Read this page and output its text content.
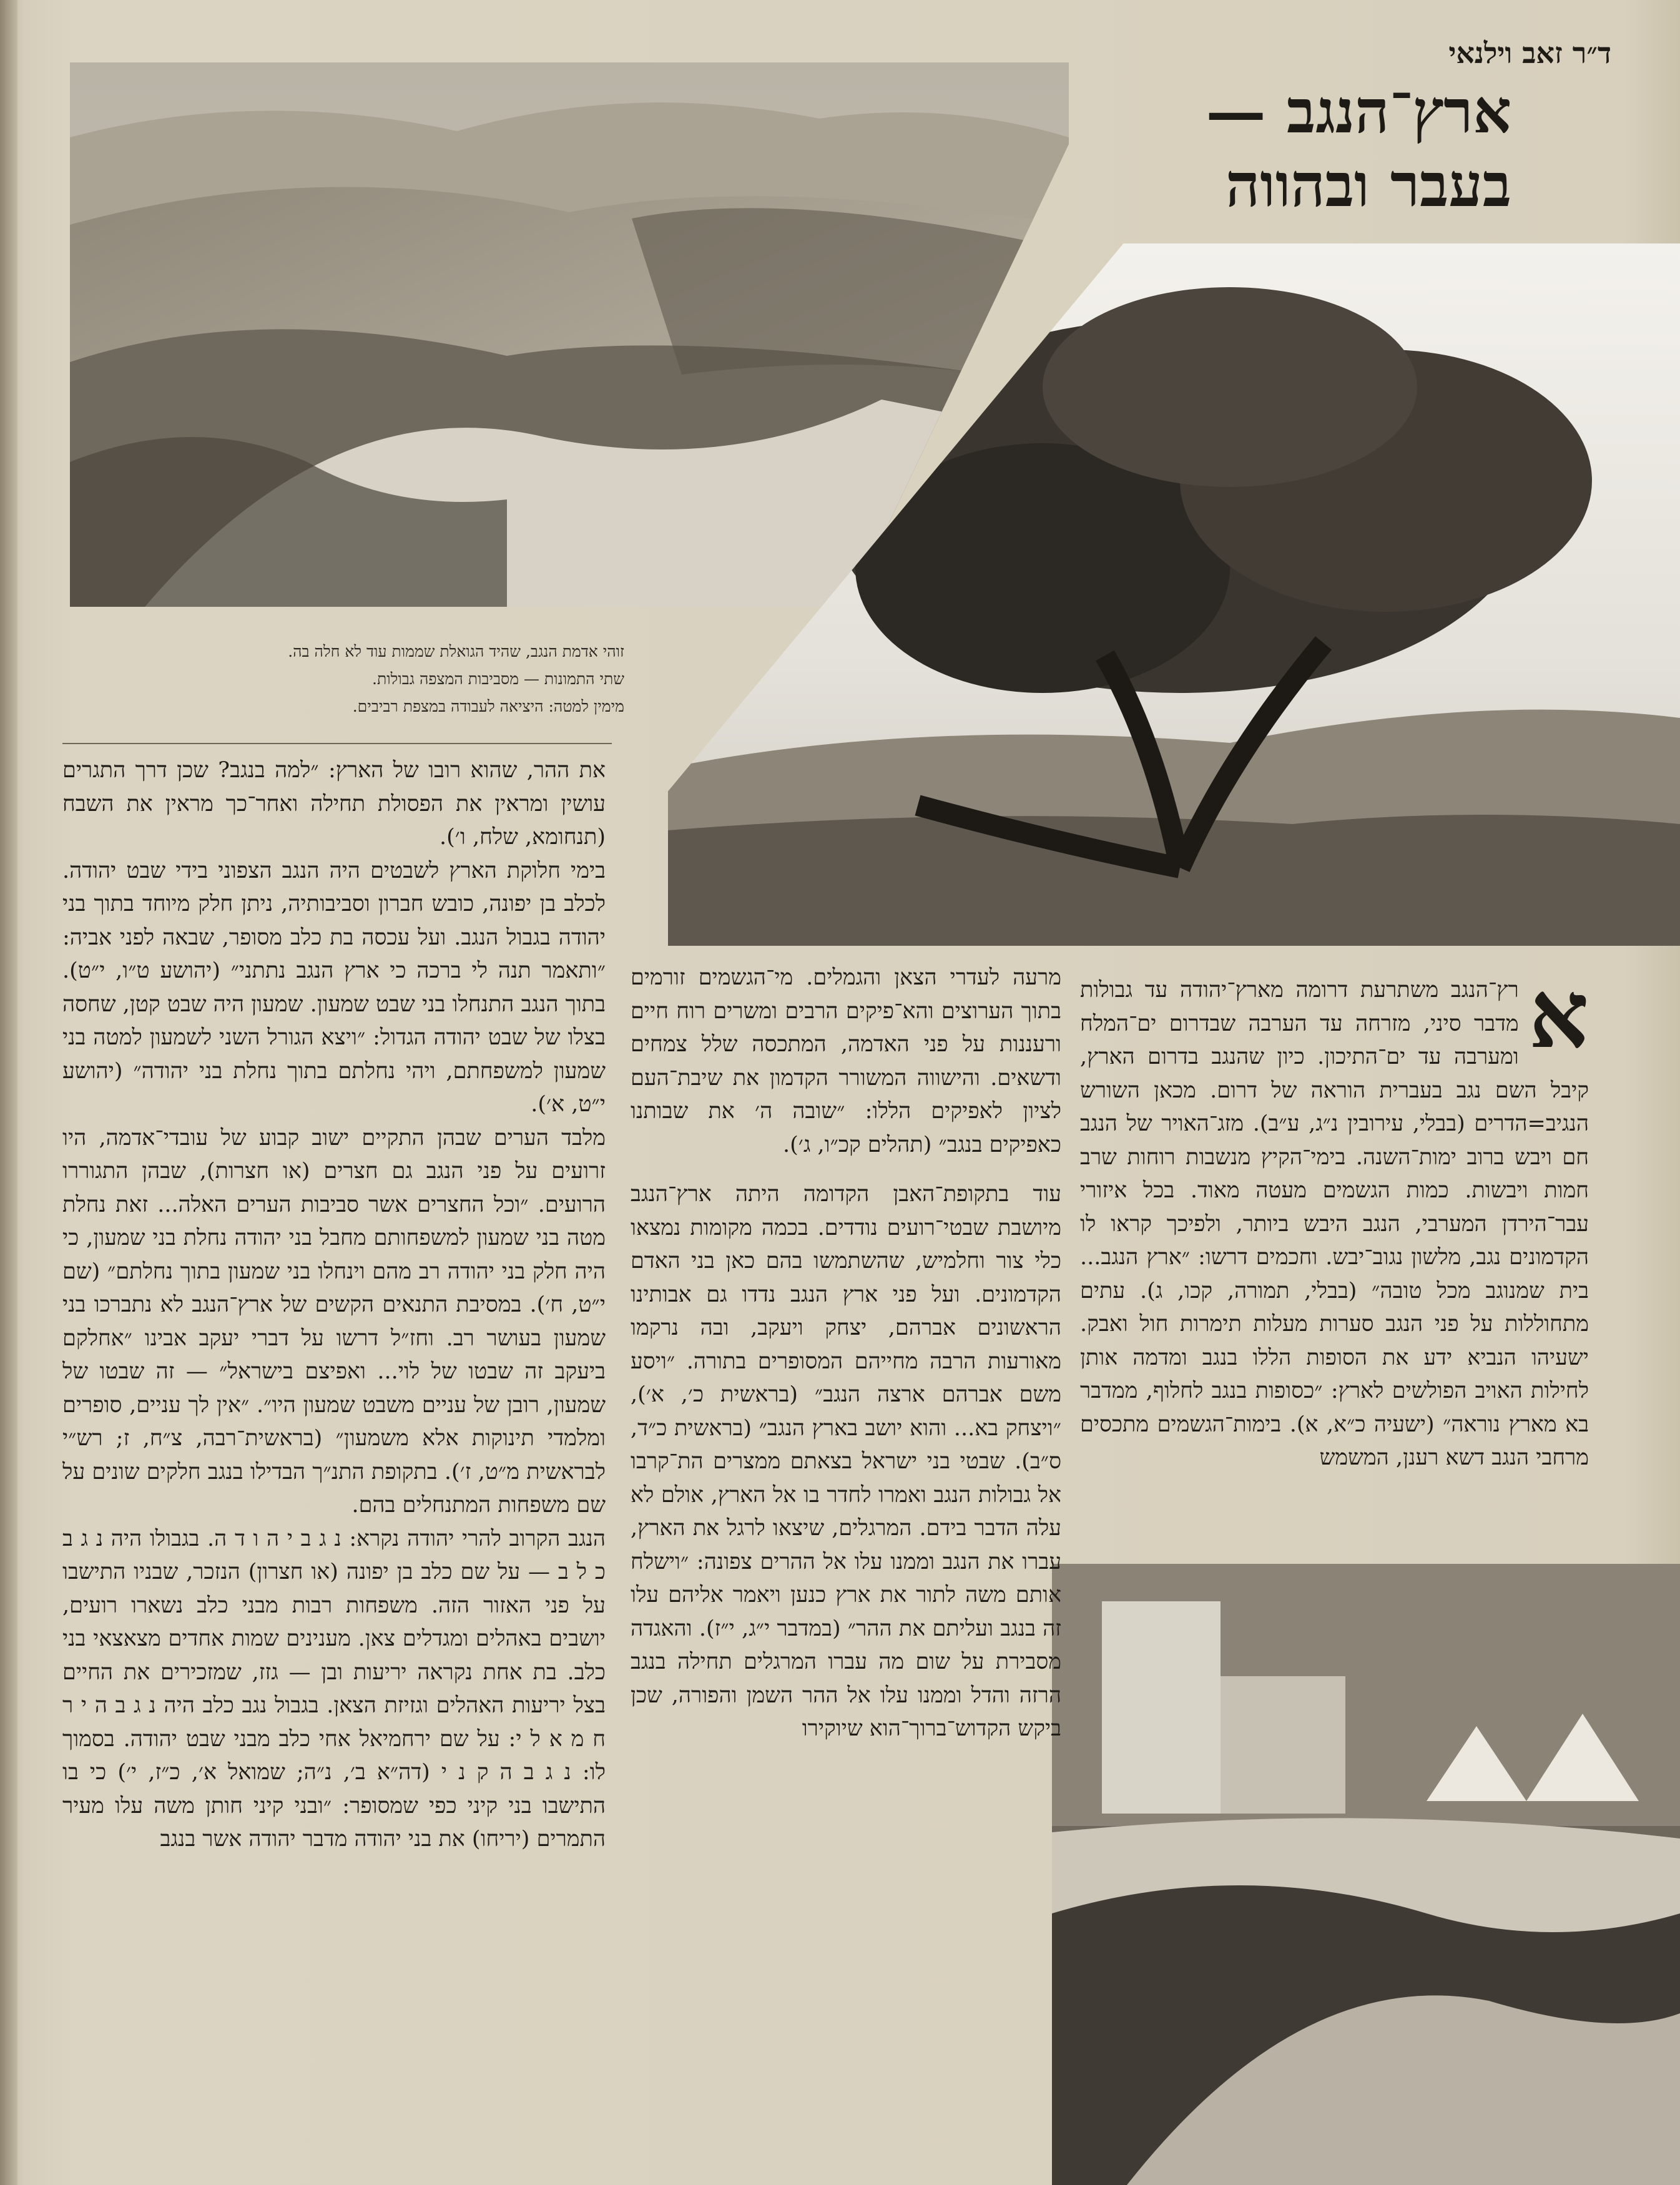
ד״ר זאב וילנאי
ארץ־הנגב —
בעבר ובהווה
זוהי אדמת הנגב, שהיד הגואלת שממות עוד לא חלה בה.
שתי התמונות — מסביבות המצפה גבולות.
מימין למטה: היציאה לעבודה במצפת רביבים.
א

רץ־הנגב משתרעת דרומה מארץ־יהודה עד גבולות מדבר סיני, מזרחה עד הערבה שבדרום ים־המלח ומערבה עד ים־התיכון. כיון שהנגב בדרום הארץ, קיבל השם נגב בעברית הוראה של דרום. מכאן השורש הנגיב=הדרים (בבלי, עירובין נ״ג, ע״ב). מזג־האויר של הנגב חם ויבש ברוב ימות־השנה. בימי־הקיץ מנשבות רוחות שרב חמות ויבשות. כמות הגשמים מעטה מאוד. בכל איזורי עבר־הירדן המערבי, הנגב היבש ביותר, ולפיכך קראו לו הקדמונים נגב, מלשון נגוב־יבש. וחכמים דרשו: ״ארץ הנגב... בית שמנוגב מכל טובה״ (בבלי, תמורה, קכו, ג). עתים מתחוללות על פני הנגב סערות מעלות תימרות חול ואבק. ישעיהו הנביא ידע את הסופות הללו בנגב ומדמה אותן לחילות האויב הפולשים לארץ: ״כסופות בנגב לחלוף, ממדבר בא מארץ נוראה״ (ישעיה כ״א, א). בימות־הגשמים מתכסים מרחבי הנגב דשא רענן, המשמש

מרעה לעדרי הצאן והגמלים. מי־הגשמים זורמים בתוך הערוצים והא־פיקים הרבים ומשרים רוח חיים ורעננות על פני האדמה, המתכסה שלל צמחים ודשאים. והישווה המשורר הקדמון את שיבת־העם לציון לאפיקים הללו: ״שובה ה׳ את שבותנו כאפיקים בנגב״ (תהלים קכ״ו, ג׳).

עוד בתקופת־האבן הקדומה היתה ארץ־הנגב מיושבת שבטי־רועים נודדים. בכמה מקומות נמצאו כלי צור וחלמיש, שהשתמשו בהם כאן בני האדם הקדמונים. ועל פני ארץ הנגב נדדו גם אבותינו הראשונים אברהם, יצחק ויעקב, ובה נרקמו מאורעות הרבה מחייהם המסופרים בתורה. ״ויסע משם אברהם ארצה הנגב״ (בראשית כ׳, א׳), ״ויצחק בא... והוא יושב בארץ הנגב״ (בראשית כ״ד, ס״ב). שבטי בני ישראל בצאתם ממצרים הת־קרבו אל גבולות הנגב ואמרו לחדר בו אל הארץ, אולם לא עלה הדבר בידם. המרגלים, שיצאו לרגל את הארץ, עברו את הנגב וממנו עלו אל ההרים צפונה: ״וישלח אותם משה לתור את ארץ כנען ויאמר אליהם עלו זה בנגב ועליתם את ההר״ (במדבר י״ג, י״ז). והאגדה מסבירת על שום מה עברו המרגלים תחילה בנגב הרזה והדל וממנו עלו אל ההר השמן והפורה, שכן ביקש הקדוש־ברוך־הוא שיוקירו

את ההר, שהוא רובו של הארץ: ״למה בנגב? שכן דרך התגרים עושין ומראין את הפסולת תחילה ואחר־כך מראין את השבח (תנחומא, שלח, ו׳).

בימי חלוקת הארץ לשבטים היה הנגב הצפוני בידי שבט יהודה. לכלב בן יפונה, כובש חברון וסביבותיה, ניתן חלק מיוחד בתוך בני יהודה בגבול הנגב. ועל עכסה בת כלב מסופר, שבאה לפני אביה: ״ותאמר תנה לי ברכה כי ארץ הנגב נתתני״ (יהושע ט״ו, י״ט). בתוך הנגב התנחלו בני שבט שמעון. שמעון היה שבט קטן, שחסה בצלו של שבט יהודה הגדול: ״ויצא הגורל השני לשמעון למטה בני שמעון למשפחתם, ויהי נחלתם בתוך נחלת בני יהודה״ (יהושע י״ט, א׳).

מלבד הערים שבהן התקיים ישוב קבוע של עובדי־אדמה, היו זרועים על פני הנגב גם חצרים (או חצרות), שבהן התגוררו הרועים. ״וכל החצרים אשר סביבות הערים האלה... זאת נחלת מטה בני שמעון למשפחותם מחבל בני יהודה נחלת בני שמעון, כי היה חלק בני יהודה רב מהם וינחלו בני שמעון בתוך נחלתם״ (שם י״ט, ח׳). במסיבת התנאים הקשים של ארץ־הנגב לא נתברכו בני שמעון בעושר רב. וחז״ל דרשו על דברי יעקב אבינו ״אחלקם ביעקב זה שבטו של לוי... ואפיצם בישראל״ — זה שבטו של שמעון, רובן של עניים משבט שמעון היו״. ״אין לך עניים, סופרים ומלמדי תינוקות אלא משמעון״ (בראשית־רבה, צ״ח, ז; רש״י לבראשית מ״ט, ז׳). בתקופת התנ״ך הבדילו בנגב חלקים שונים על שם משפחות המתנחלים בהם.

הנגב הקרוב להרי יהודה נקרא: נ ג ב י ה ו ד ה. בגבולו היה נ ג ב כ ל ב — על שם כלב בן יפונה (או חצרון) הנזכר, שבניו התישבו על פני האזור הזה. משפחות רבות מבני כלב נשארו רועים, יושבים באהלים ומגדלים צאן. מענינים שמות אחדים מצאצאי בני כלב. בת אחת נקראה יריעות ובן — גזז, שמזכירים את החיים בצל יריעות האהלים וגזיזת הצאן. בגבול נגב כלב היה נ ג ב ה י ר ח מ א ל י: על שם ירחמיאל אחי כלב מבני שבט יהודה. בסמוך לו: נ ג ב ה ק נ י (דה״א ב׳, נ״ה; שמואל א׳, כ״ז, י׳) כי בו התישבו בני קיני כפי שמסופר: ״ובני קיני חותן משה עלו מעיר התמרים (יריחו) את בני יהודה מדבר יהודה אשר בנגב
